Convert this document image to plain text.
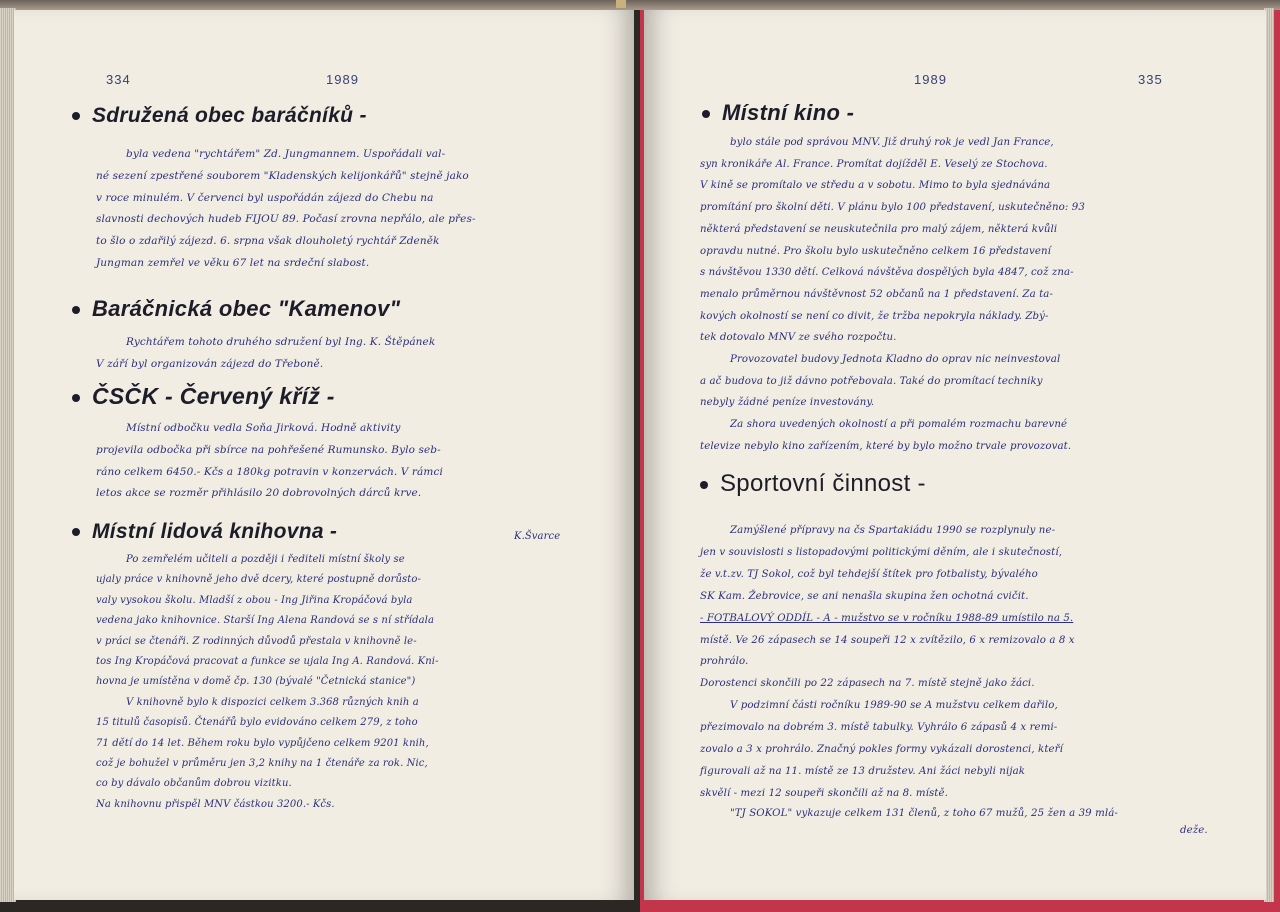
334	1989
Sdružená obec baráčníků -
byla vedena "rychtářem" Zd. Jungmannem. Uspořádali val-
né sezení zpestřené souborem "Kladenských kelijonkářů" stejně jako
v roce minulém. V červenci byl uspořádán zájezd do Chebu na
slavnosti dechových hudeb FIJOU 89. Počasí zrovna nepřálo, ale přes-
to šlo o zdařilý zájezd. 6. srpna však dlouholetý rychtář Zdeněk
Jungman zemřel ve věku 67 let na srdeční slabost.
Baráčnická obec "Kamenov"
Rychtářem tohoto druhého sdružení byl Ing. K. Štěpánek
V září byl organizován zájezd do Třeboně.
ČSČK - Červený kříž -
Místní odbočku vedla Soňa Jirková. Hodně aktivity
projevila odbočka při sbírce na pohřešené Rumunsko. Bylo seb-
ráno celkem 6450.- Kčs a 180kg potravin v konzervách. V rámci
letos akce se rozměr přihlásilo 20 dobrovolných dárců krve.
Místní lidová knihovna -	K.Švarce
Po zemřelém učiteli a později i řediteli místní školy se
ujaly práce v knihovně jeho dvě dcery, které postupně dorůsto-
valy vysokou školu. Mladší z obou - Ing Jiřina Kropáčová byla
vedena jako knihovnice. Starší Ing Alena Randová se s ní střídala
v práci se čtenáři. Z rodinných důvodů přestala v knihovně le-
tos Ing Kropáčová pracovat a funkce se ujala Ing A. Randová. Kni-
hovna je umístěna v domě čp. 130 (bývalé "Četnická stanice")
V knihovně bylo k dispozici celkem 3.368 různých knih a
15 titulů časopisů. Čtenářů bylo evidováno celkem 279, z toho
71 dětí do 14 let. Během roku bylo vypůjčeno celkem 9201 knih,
což je bohužel v průměru jen 3,2 knihy na 1 čtenáře za rok. Nic,
co by dávalo občanům dobrou vizitku.
Na knihovnu přispěl MNV částkou 3200.- Kčs.
1989	335
Místní kino -
bylo stále pod správou MNV. Již druhý rok je vedl Jan France,
syn kronikáře Al. France. Promítat dojížděl E. Veselý ze Stochova.
V kině se promítalo ve středu a v sobotu. Mimo to byla sjednávána
promítání pro školní děti. V plánu bylo 100 představení, uskutečněno: 93
některá představení se neuskutečnila pro malý zájem, některá kvůli
opravdu nutné. Pro školu bylo uskutečněno celkem 16 představení
s návštěvou 1330 dětí. Celková návštěva dospělých byla 4847, což zna-
menalo průměrnou návštěvnost 52 občanů na 1 představení. Za ta-
kových okolností se není co divit, že tržba nepokryla náklady. Zbý-
tek dotovalo MNV ze svého rozpočtu.
Provozovatel budovy Jednota Kladno do oprav nic neinvestoval
a ač budova to již dávno potřebovala. Také do promítací techniky
nebyly žádné peníze investovány.
Za shora uvedených okolností a při pomalém rozmachu barevné
televize nebylo kino zařízením, které by bylo možno trvale provozovat.
Sportovní činnost -
Zamýšlené přípravy na čs Spartakiádu 1990 se rozplynuly ne-
jen v souvislosti s listopadovými politickými děním, ale i skutečností,
že v.t.zv. TJ Sokol, což byl tehdejší štítek pro fotbalisty, bývalého
SK Kam. Žebrovice, se ani nenašla skupina žen ochotná cvičit.
- FOTBALOVÝ ODDÍL - A - mužstvo se v ročníku 1988-89 umístilo na 5.
místě. Ve 26 zápasech se 14 soupeři 12 x zvítězilo, 6 x remizovalo a 8 x
prohrálo.
Dorostenci skončili po 22 zápasech na 7. místě stejně jako žáci.
V podzimní části ročníku 1989-90 se A mužstvu celkem dařilo,
přezimovalo na dobrém 3. místě tabulky. Vyhrálo 6 zápasů 4 x remi-
zovalo a 3 x prohrálo. Značný pokles formy vykázali dorostenci, kteří
figurovali až na 11. místě ze 13 družstev. Ani žáci nebyli nijak
skvělí - mezi 12 soupeři skončili až na 8. místě.
"TJ SOKOL" vykazuje celkem 131 členů, z toho 67 mužů, 25 žen a 39 mlá-
deže.
